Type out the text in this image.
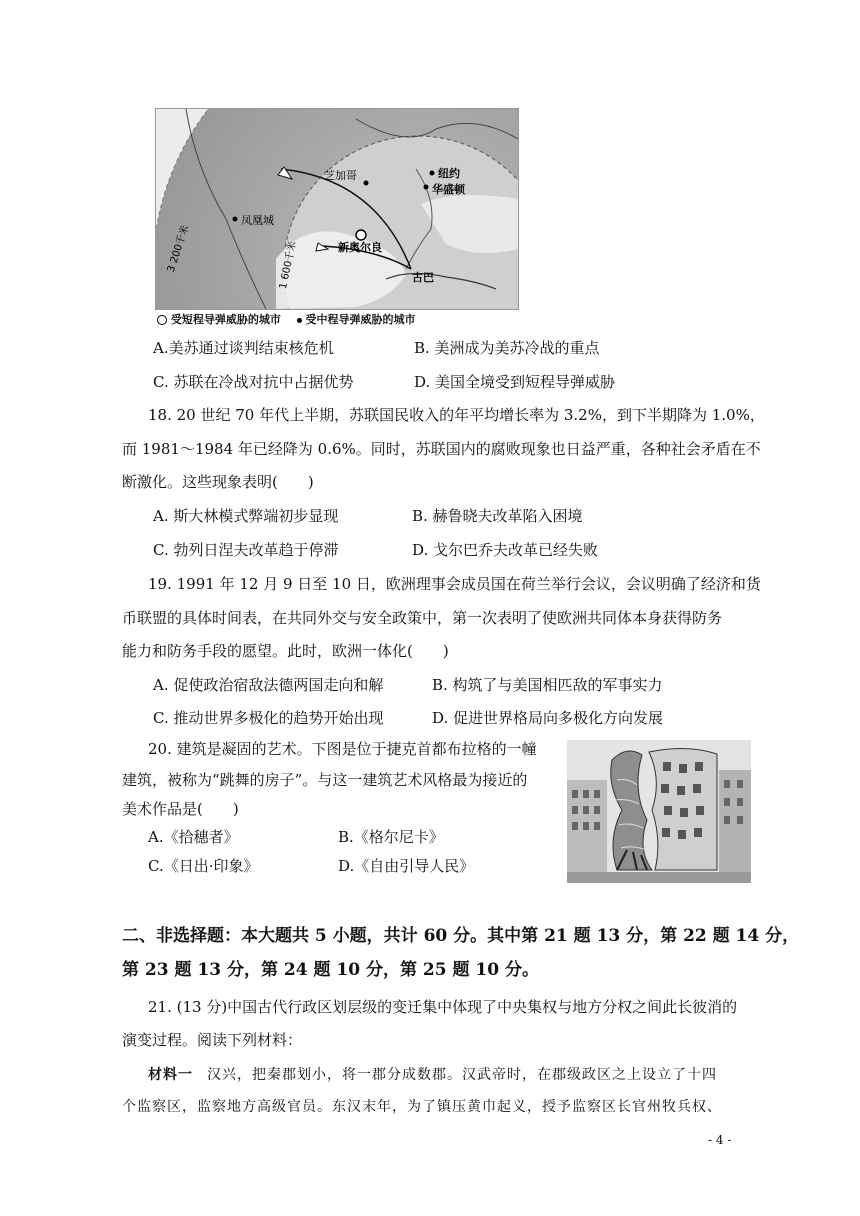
芝加哥	纽约
华盛顿
凤凰城
新奥尔良
古巴
3 200千米	1 600千米
受短程导弹威胁的城市 受中程导弹威胁的城市
A.美苏通过谈判结束核危机	B. 美洲成为美苏冷战的重点
C. 苏联在冷战对抗中占据优势	D. 美国全境受到短程导弹威胁
18. 20 世纪 70 年代上半期，苏联国民收入的年平均增长率为 3.2%，到下半期降为 1.0%，
而 1981～1984 年已经降为 0.6%。同时，苏联国内的腐败现象也日益严重，各种社会矛盾在不
断激化。这些现象表明(　　)
A. 斯大林模式弊端初步显现	B. 赫鲁晓夫改革陷入困境
C. 勃列日涅夫改革趋于停滞	D. 戈尔巴乔夫改革已经失败
19. 1991 年 12 月 9 日至 10 日，欧洲理事会成员国在荷兰举行会议，会议明确了经济和货
币联盟的具体时间表，在共同外交与安全政策中，第一次表明了使欧洲共同体本身获得防务
能力和防务手段的愿望。此时，欧洲一体化(　　)
A. 促使政治宿敌法德两国走向和解	B. 构筑了与美国相匹敌的军事实力
C. 推动世界多极化的趋势开始出现	D. 促进世界格局向多极化方向发展
20. 建筑是凝固的艺术。下图是位于捷克首都布拉格的一幢
建筑，被称为“跳舞的房子”。与这一建筑艺术风格最为接近的
美术作品是(　　)
A.《拾穗者》	B.《格尔尼卡》
C.《日出·印象》	D.《自由引导人民》
二、非选择题：本大题共 5 小题，共计 60 分。其中第 21 题 13 分，第 22 题 14 分，
第 23 题 13 分，第 24 题 10 分，第 25 题 10 分。
21. (13 分)中国古代行政区划层级的变迁集中体现了中央集权与地方分权之间此长彼消的
演变过程。阅读下列材料：
材料一 汉兴，把秦郡划小，将一郡分成数郡。汉武帝时，在郡级政区之上设立了十四
个监察区，监察地方高级官员。东汉末年，为了镇压黄巾起义，授予监察区长官州牧兵权、
- 4 -
